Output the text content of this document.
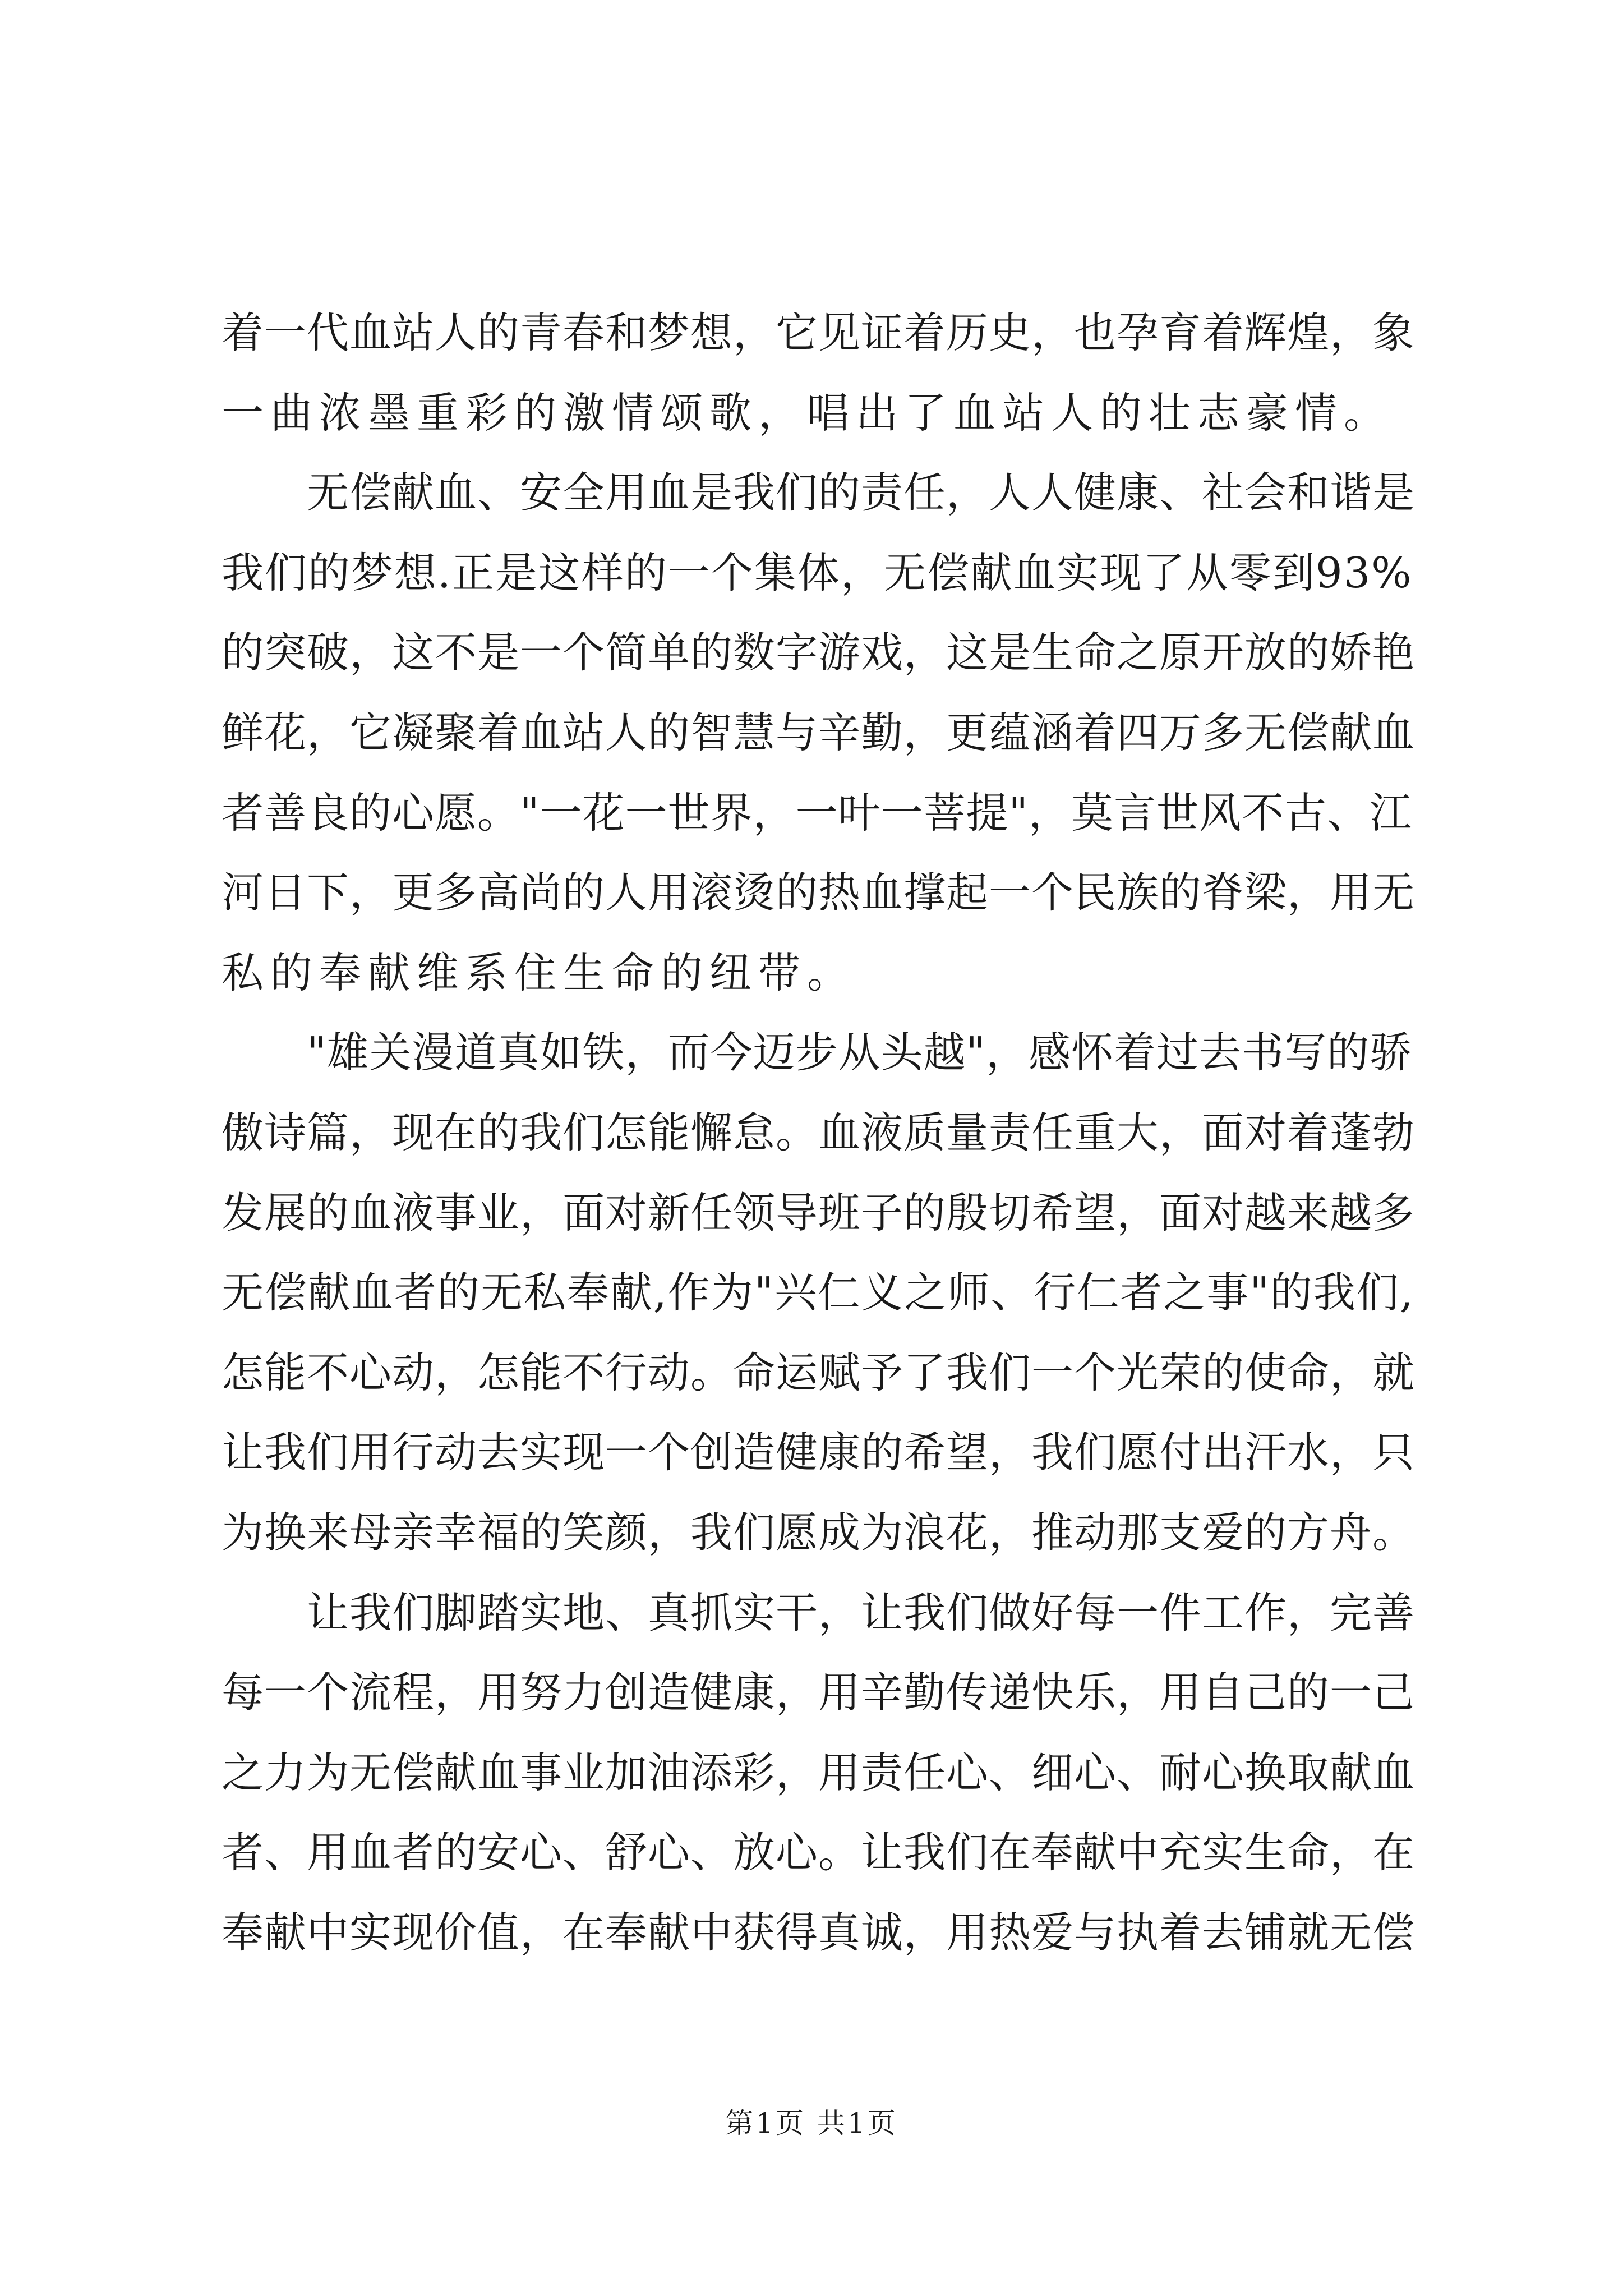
着一代血站人的青春和梦想，它见证着历史，也孕育着辉煌，象
一曲浓墨重彩的激情颂歌，唱出了血站人的壮志豪情。
　　无偿献血、安全用血是我们的责任，人人健康、社会和谐是
我们的梦想.正是这样的一个集体，无偿献血实现了从零到93%
的突破，这不是一个简单的数字游戏，这是生命之原开放的娇艳
鲜花，它凝聚着血站人的智慧与辛勤，更蕴涵着四万多无偿献血
者善良的心愿。"一花一世界，一叶一菩提"，莫言世风不古、江
河日下，更多高尚的人用滚烫的热血撑起一个民族的脊梁，用无
私的奉献维系住生命的纽带。
　　"雄关漫道真如铁，而今迈步从头越"，感怀着过去书写的骄
傲诗篇，现在的我们怎能懈怠。血液质量责任重大，面对着蓬勃
发展的血液事业，面对新任领导班子的殷切希望，面对越来越多
无偿献血者的无私奉献,作为"兴仁义之师、行仁者之事"的我们,
怎能不心动，怎能不行动。命运赋予了我们一个光荣的使命，就
让我们用行动去实现一个创造健康的希望，我们愿付出汗水，只
为换来母亲幸福的笑颜，我们愿成为浪花，推动那支爱的方舟。
　　让我们脚踏实地、真抓实干，让我们做好每一件工作，完善
每一个流程，用努力创造健康，用辛勤传递快乐，用自己的一己
之力为无偿献血事业加油添彩，用责任心、细心、耐心换取献血
者、用血者的安心、舒心、放心。让我们在奉献中充实生命，在
奉献中实现价值，在奉献中获得真诚，用热爱与执着去铺就无偿
第1页 共1页
